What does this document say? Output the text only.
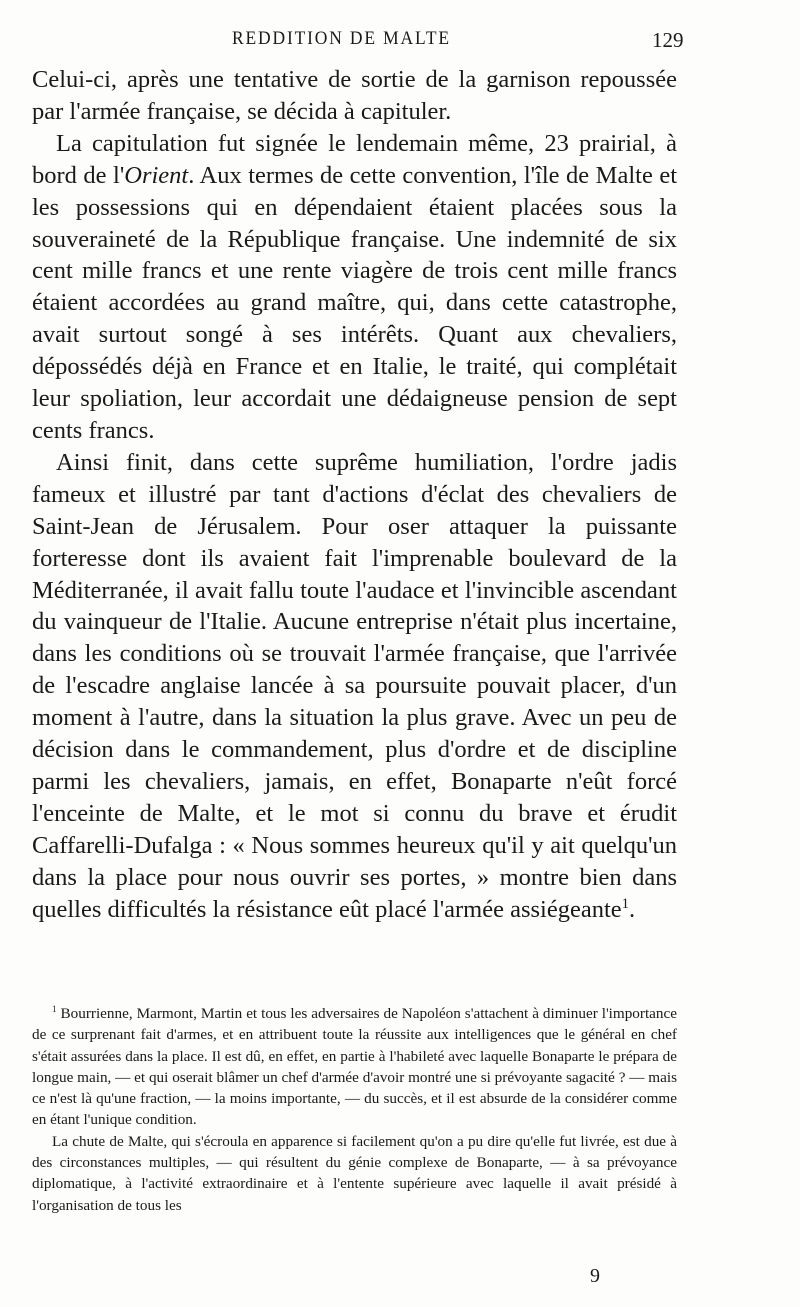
REDDITION DE MALTE	129

Celui-ci, après une tentative de sortie de la garnison repoussée par l'armée française, se décida à capituler.

La capitulation fut signée le lendemain même, 23 prairial, à bord de l'Orient. Aux termes de cette convention, l'île de Malte et les possessions qui en dépendaient étaient placées sous la souveraineté de la République française. Une indemnité de six cent mille francs et une rente viagère de trois cent mille francs étaient accordées au grand maître, qui, dans cette catastrophe, avait surtout songé à ses intérêts. Quant aux chevaliers, dépossédés déjà en France et en Italie, le traité, qui complétait leur spoliation, leur accordait une dédaigneuse pension de sept cents francs.

Ainsi finit, dans cette suprême humiliation, l'ordre jadis fameux et illustré par tant d'actions d'éclat des chevaliers de Saint-Jean de Jérusalem. Pour oser attaquer la puissante forteresse dont ils avaient fait l'imprenable boulevard de la Méditerranée, il avait fallu toute l'audace et l'invincible ascendant du vainqueur de l'Italie. Aucune entreprise n'était plus incertaine, dans les conditions où se trouvait l'armée française, que l'arrivée de l'escadre anglaise lancée à sa poursuite pouvait placer, d'un moment à l'autre, dans la situation la plus grave. Avec un peu de décision dans le commandement, plus d'ordre et de discipline parmi les chevaliers, jamais, en effet, Bonaparte n'eût forcé l'enceinte de Malte, et le mot si connu du brave et érudit Caffarelli-Dufalga : « Nous sommes heureux qu'il y ait quelqu'un dans la place pour nous ouvrir ses portes, » montre bien dans quelles difficultés la résistance eût placé l'armée assiégeante$^1$.

$^1$ Bourrienne, Marmont, Martin et tous les adversaires de Napoléon s'attachent à diminuer l'importance de ce surprenant fait d'armes, et en attribuent toute la réussite aux intelligences que le général en chef s'était assurées dans la place. Il est dû, en effet, en partie à l'habileté avec laquelle Bonaparte le prépara de longue main, — et qui oserait blâmer un chef d'armée d'avoir montré une si prévoyante sagacité ? — mais ce n'est là qu'une fraction, — la moins importante, — du succès, et il est absurde de la considérer comme en étant l'unique condition.

La chute de Malte, qui s'écroula en apparence si facilement qu'on a pu dire qu'elle fut livrée, est due à des circonstances multiples, — qui résultent du génie complexe de Bonaparte, — à sa prévoyance diplomatique, à l'activité extraordinaire et à l'entente supérieure avec laquelle il avait présidé à l'organisation de tous les

9
